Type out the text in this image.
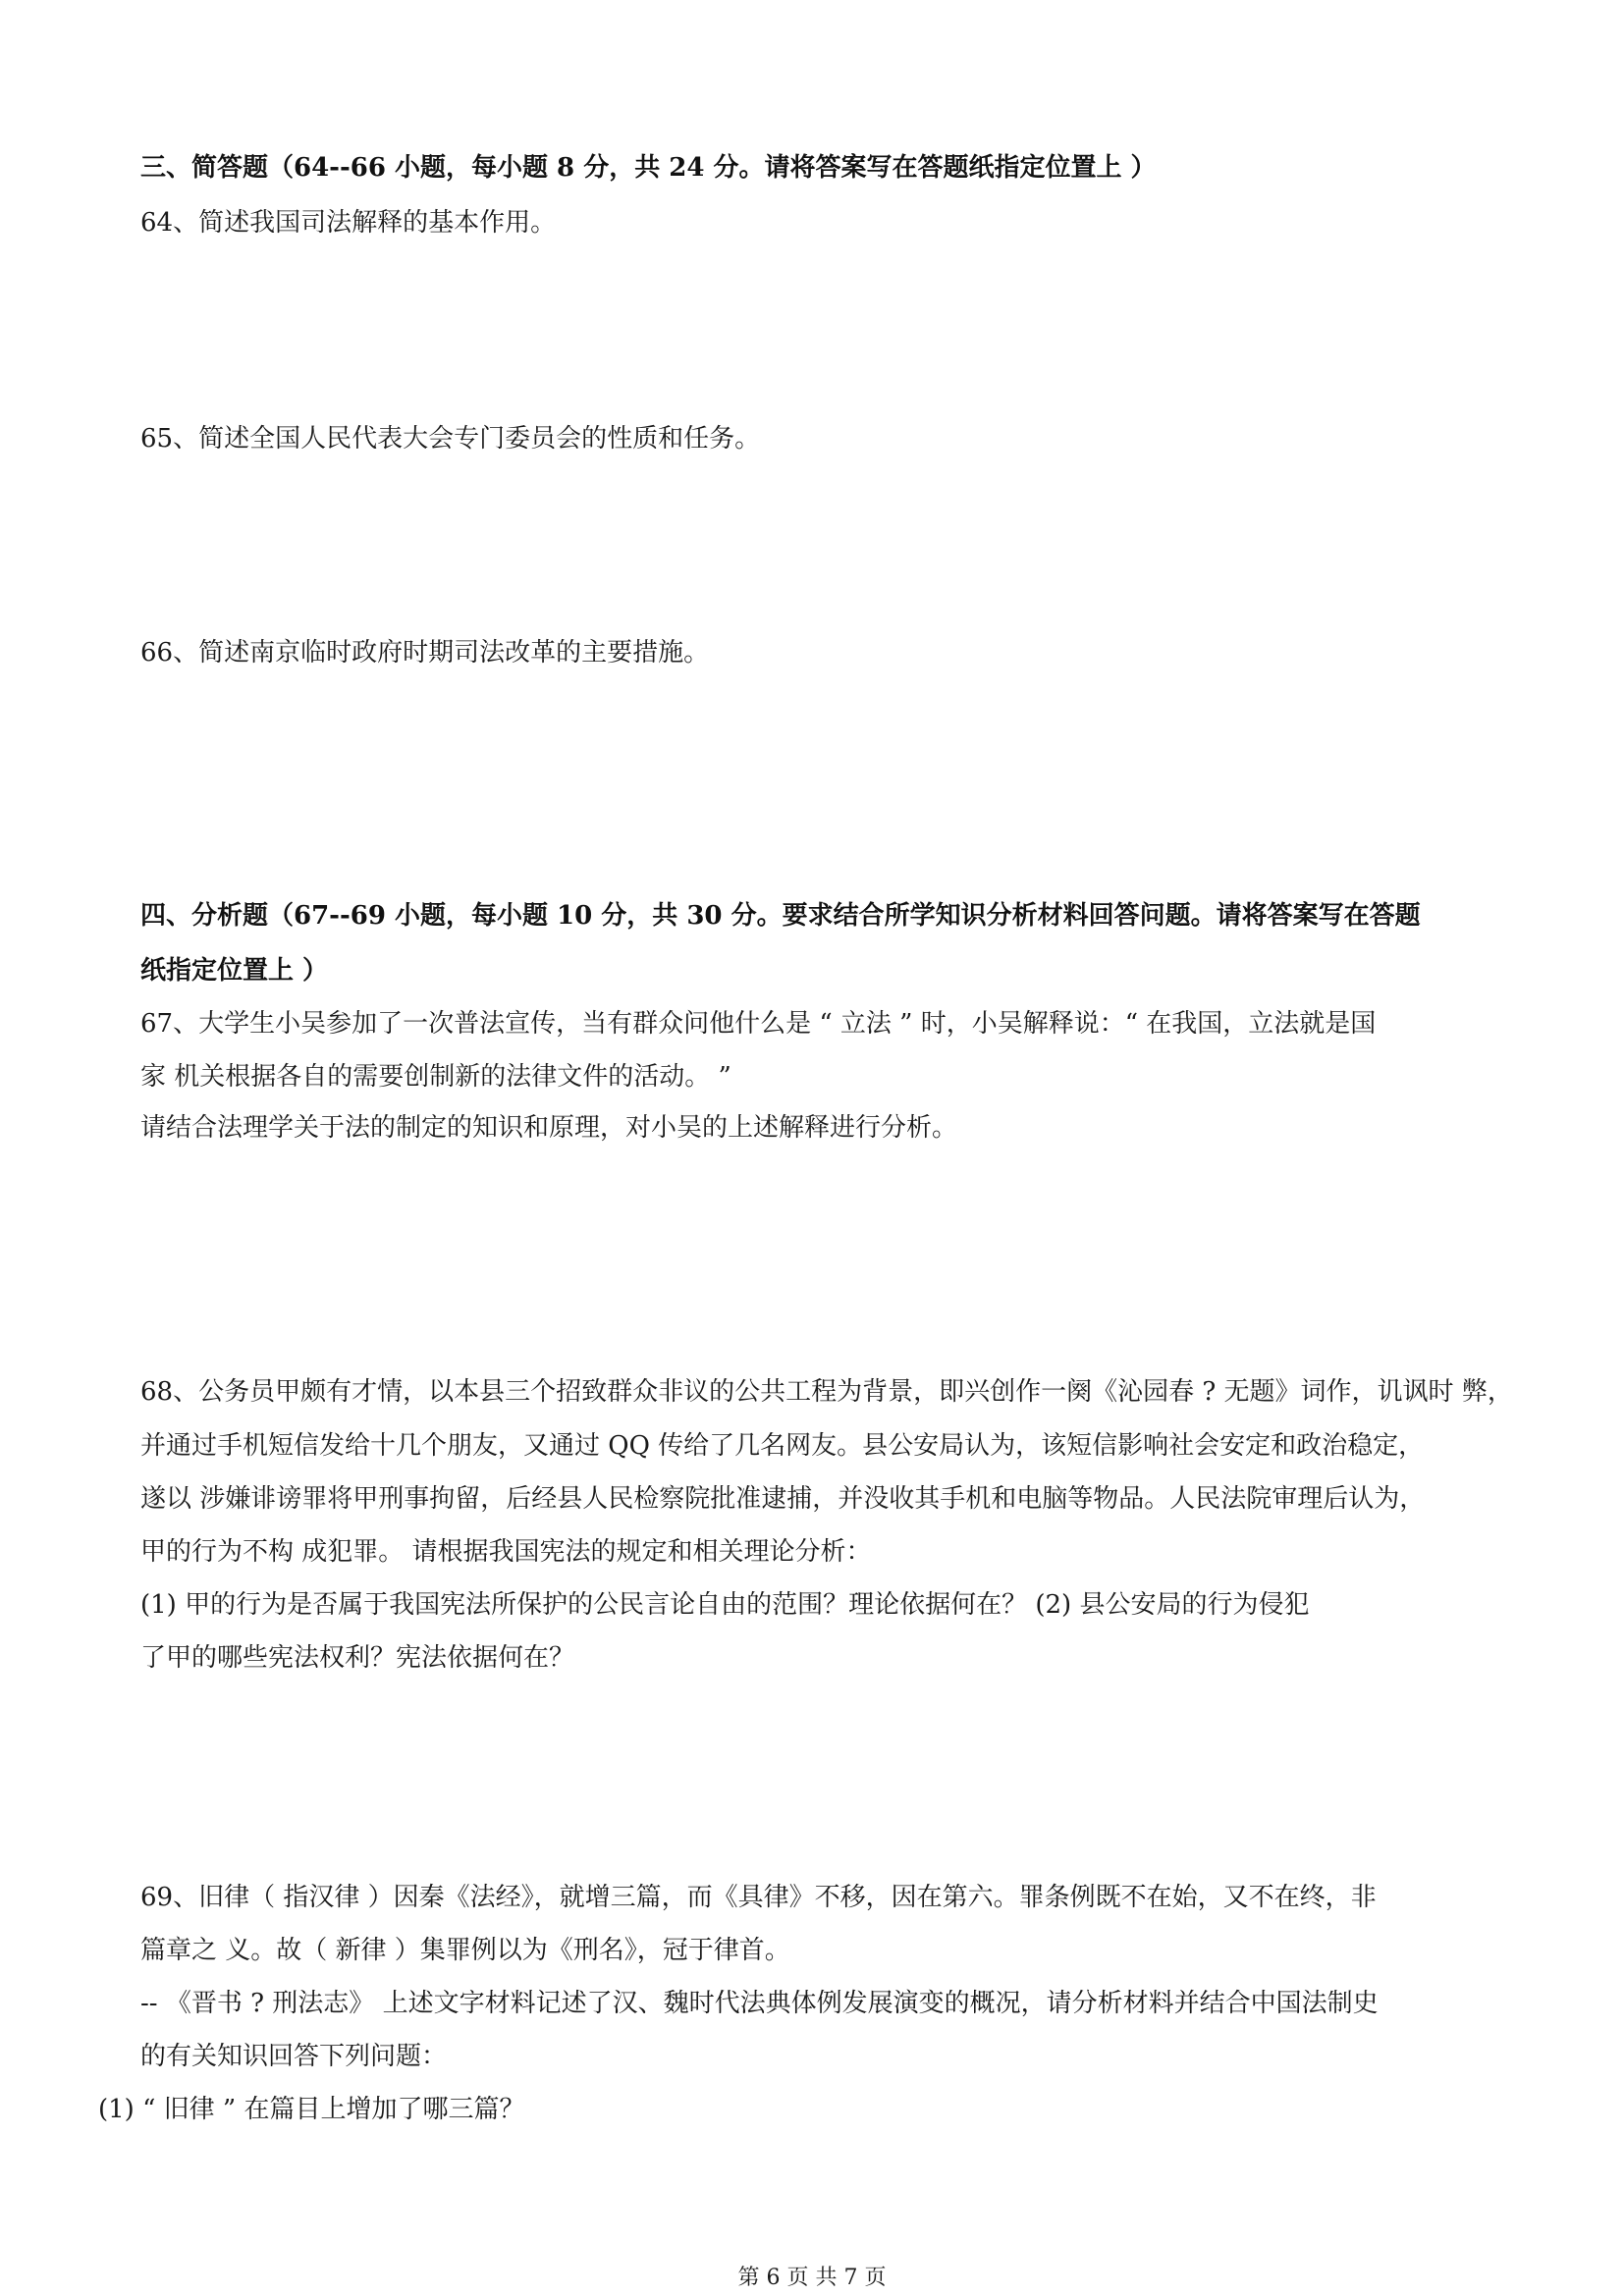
三、简答题（64--66 小题，每小题 8 分，共 24 分。请将答案写在答题纸指定位置上 ）
64、简述我国司法解释的基本作用。
65、简述全国人民代表大会专门委员会的性质和任务。
66、简述南京临时政府时期司法改革的主要措施。
四、分析题（67--69 小题，每小题 10 分，共 30 分。要求结合所学知识分析材料回答问题。请将答案写在答题
纸指定位置上 ）
67、大学生小吴参加了一次普法宣传，当有群众问他什么是 “ 立法 ” 时，小吴解释说：“ 在我国，立法就是国
家 机关根据各自的需要创制新的法律文件的活动。 ”
请结合法理学关于法的制定的知识和原理，对小吴的上述解释进行分析。
68、公务员甲颇有才情，以本县三个招致群众非议的公共工程为背景，即兴创作一阕《沁园春 ? 无题》词作，讥讽时 弊，
并通过手机短信发给十几个朋友，又通过 QQ 传给了几名网友。县公安局认为，该短信影响社会安定和政治稳定，
遂以 涉嫌诽谤罪将甲刑事拘留，后经县人民检察院批准逮捕，并没收其手机和电脑等物品。人民法院审理后认为，
甲的行为不构 成犯罪。 请根据我国宪法的规定和相关理论分析：
(1) 甲的行为是否属于我国宪法所保护的公民言论自由的范围？理论依据何在？ (2) 县公安局的行为侵犯
了甲的哪些宪法权利？宪法依据何在？
69、旧律（ 指汉律 ）因秦《法经》，就增三篇，而《具律》不移，因在第六。罪条例既不在始，又不在终，非
篇章之 义。故（ 新律 ）集罪例以为《刑名》，冠于律首。
-- 《晋书 ? 刑法志》 上述文字材料记述了汉、魏时代法典体例发展演变的概况，请分析材料并结合中国法制史
的有关知识回答下列问题：
(1) “ 旧律 ” 在篇目上增加了哪三篇？
第 6 页 共 7 页
